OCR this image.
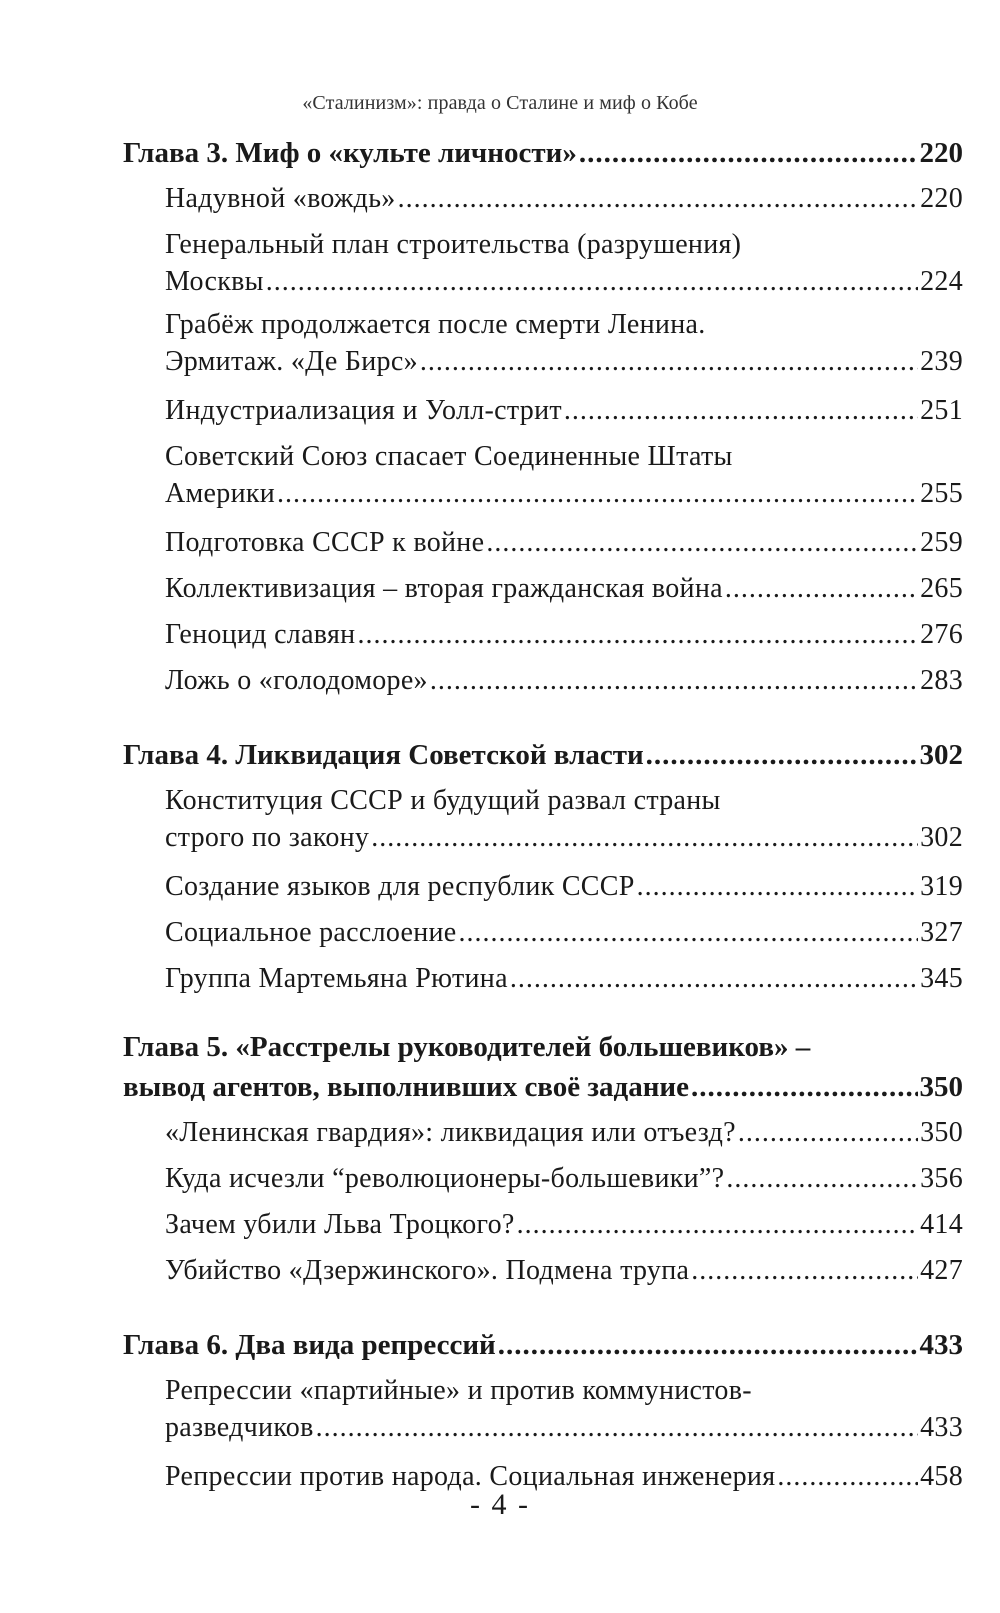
«Сталинизм»: правда о Сталине и миф о Кобе
Глава 3. Миф о «культе личности» .....	220
Надувной «вождь» .....	220
Генеральный план строительства (разрушения)
Москвы .....	224
Грабёж продолжается после смерти Ленина.
Эрмитаж. «Де Бирс» .....	239
Индустриализация и Уолл-стрит .....	251
Советский Союз спасает Соединенные Штаты
Америки .....	255
Подготовка СССР к войне .....	259
Коллективизация – вторая гражданская война .....	265
Геноцид славян .....	276
Ложь о «голодоморе» .....	283
Глава 4. Ликвидация Советской власти .....	302
Конституция СССР и будущий развал страны
строго по закону .....	302
Создание языков для республик СССР .....	319
Социальное расслоение .....	327
Группа Мартемьяна Рютина .....	345
Глава 5. «Расстрелы руководителей большевиков» –
вывод агентов, выполнивших своё задание .....	350
«Ленинская гвардия»: ликвидация или отъезд? .....	350
Куда исчезли “революционеры-большевики”? .....	356
Зачем убили Льва Троцкого? .....	414
Убийство «Дзержинского». Подмена трупа .....	427
Глава 6. Два вида репрессий .....	433
Репрессии «партийные» и против коммунистов-
разведчиков .....	433
Репрессии против народа. Социальная инженерия .....	458
- 4 -
